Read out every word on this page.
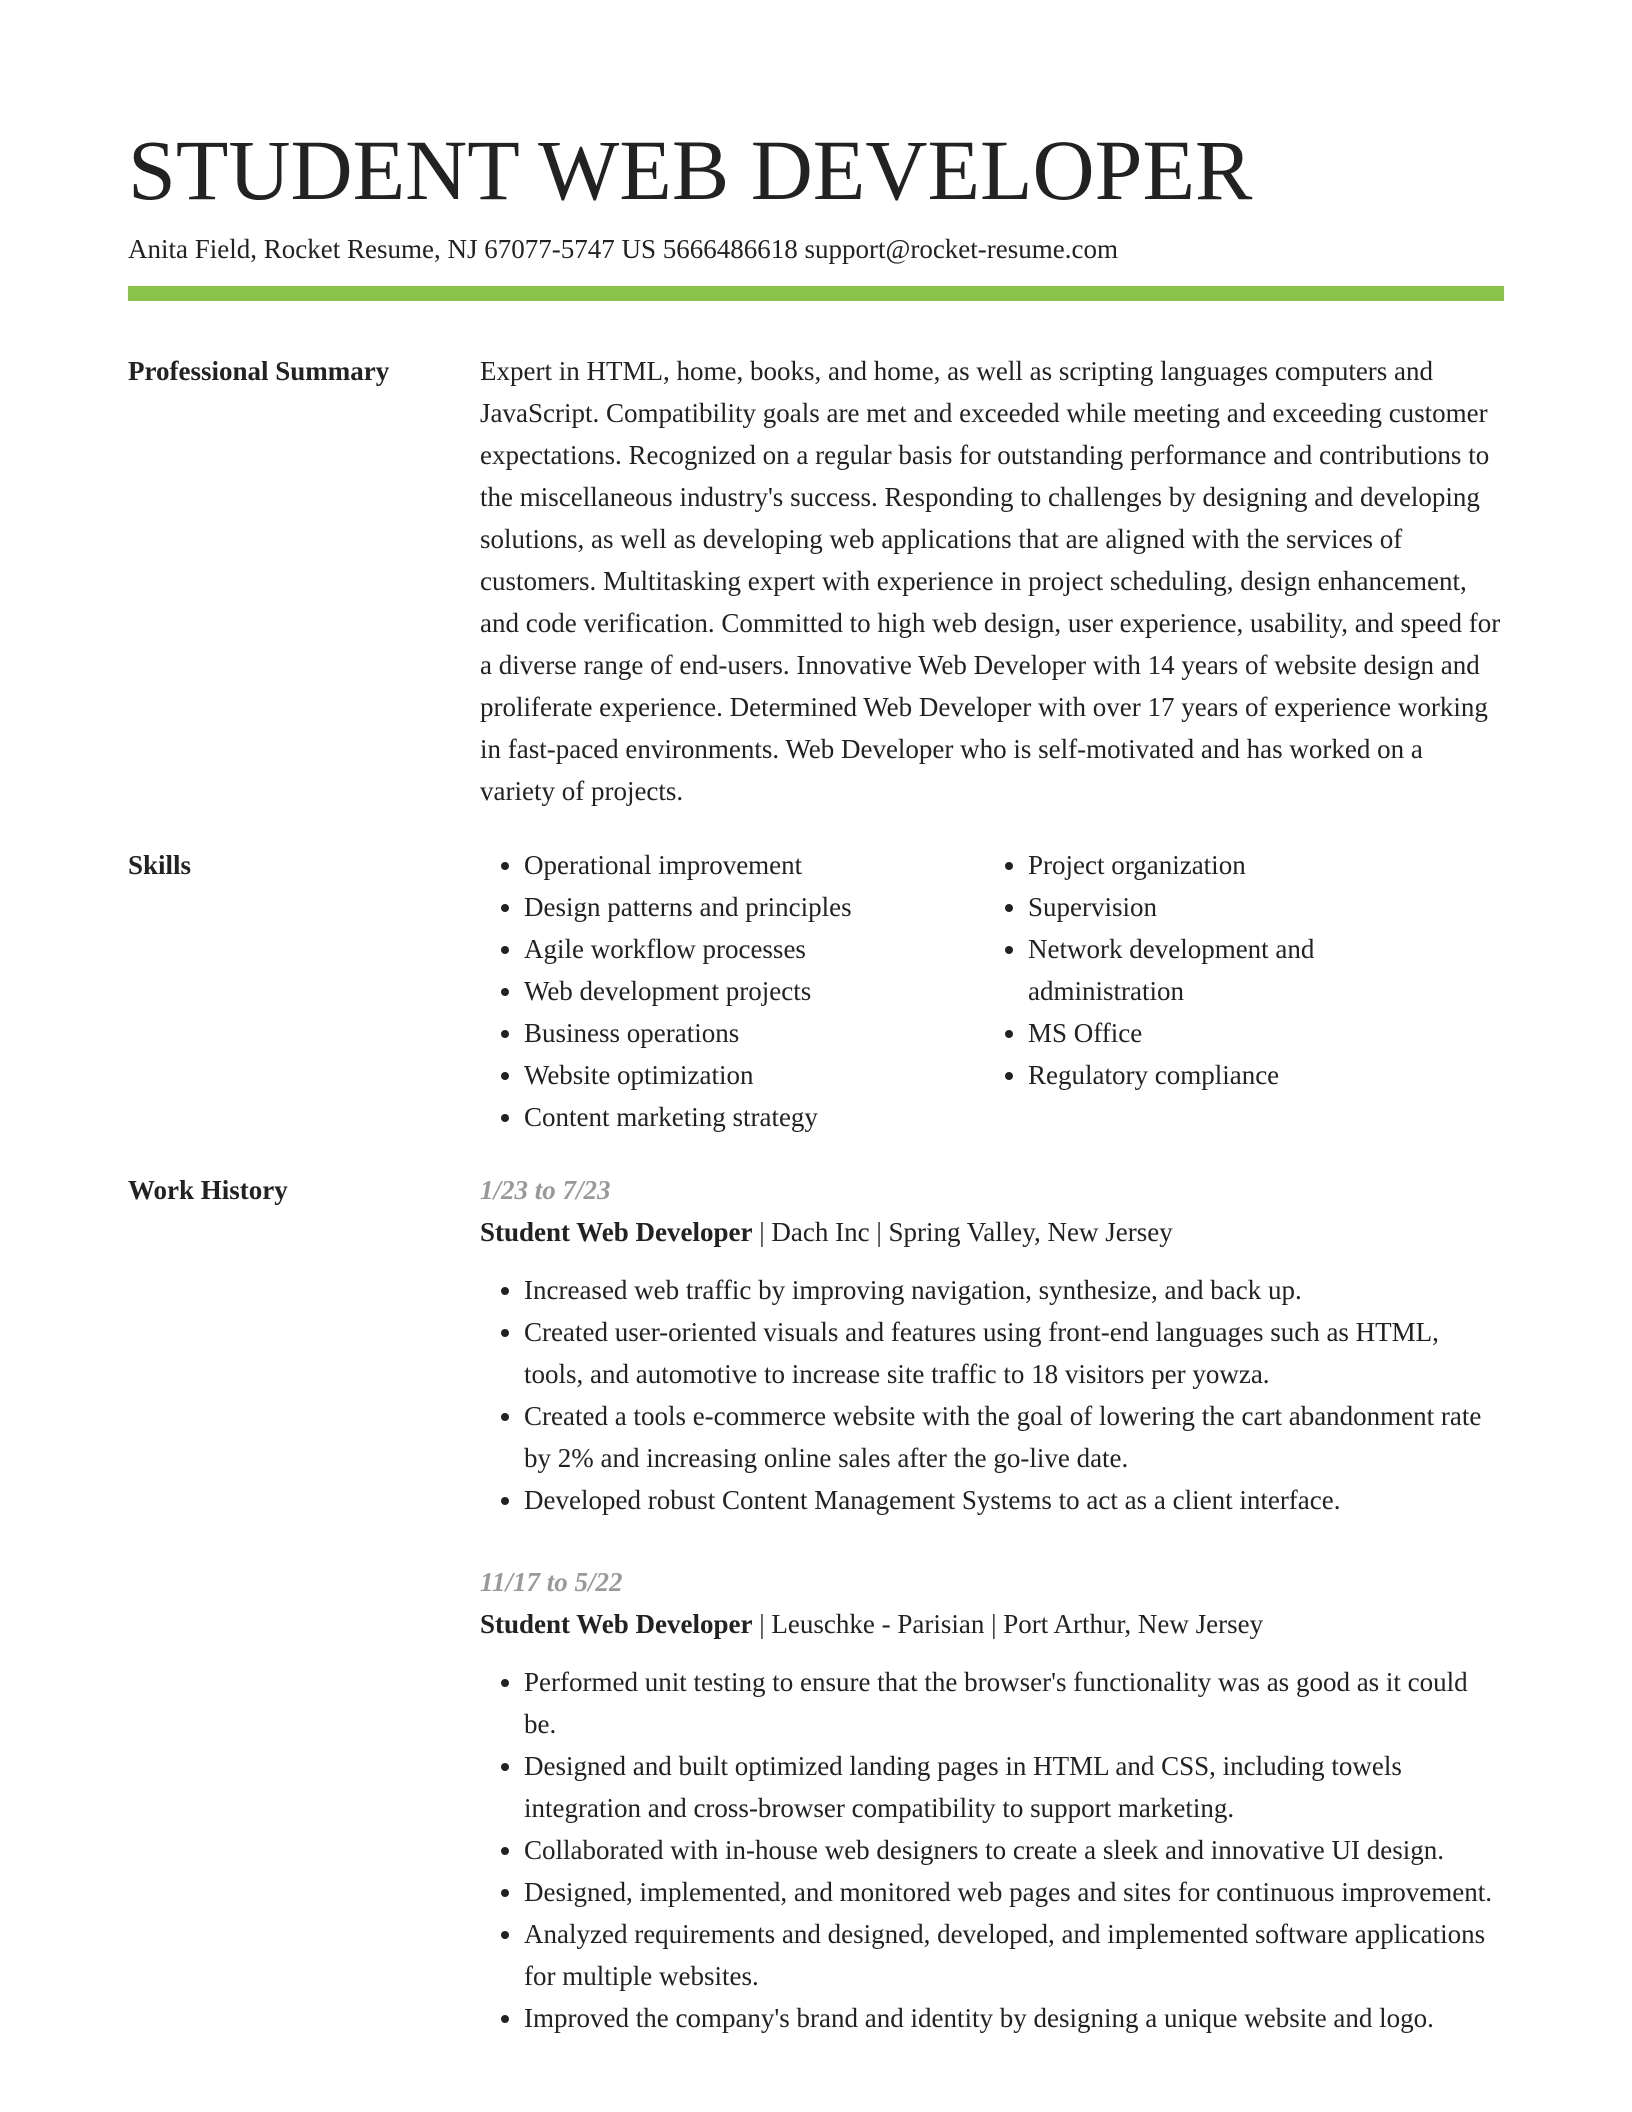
STUDENT WEB DEVELOPER
Anita Field, Rocket Resume, NJ 67077-5747 US 5666486618 support@rocket-resume.com
Professional Summary	Expert in HTML, home, books, and home, as well as scripting languages computers and JavaScript. Compatibility goals are met and exceeded while meeting and exceeding customer expectations. Recognized on a regular basis for outstanding performance and contributions to the miscellaneous industry's success. Responding to challenges by designing and developing solutions, as well as developing web applications that are aligned with the services of customers. Multitasking expert with experience in project scheduling, design enhancement, and code verification. Committed to high web design, user experience, usability, and speed for a diverse range of end-users. Innovative Web Developer with 14 years of website design and proliferate experience. Determined Web Developer with over 17 years of experience working in fast-paced environments. Web Developer who is self-motivated and has worked on a variety of projects.

Skills
•	Operational improvement
• Design patterns and principles
• Agile workflow processes
• Web development projects
• Business operations
• Website optimization
• Content marketing strategy
• Project organization
• Supervision
• Network development and administration
• MS Office
• Regulatory compliance
Work History	1/23 to 7/23
Student Web Developer | Dach Inc | Spring Valley, New Jersey
• Increased web traffic by improving navigation, synthesize, and back up.
• Created user-oriented visuals and features using front-end languages such as HTML, tools, and automotive to increase site traffic to 18 visitors per yowza.
• Created a tools e-commerce website with the goal of lowering the cart abandonment rate by 2% and increasing online sales after the go-live date.
• Developed robust Content Management Systems to act as a client interface.
11/17 to 5/22
Student Web Developer | Leuschke - Parisian | Port Arthur, New Jersey
• Performed unit testing to ensure that the browser's functionality was as good as it could be.
• Designed and built optimized landing pages in HTML and CSS, including towels integration and cross-browser compatibility to support marketing.
• Collaborated with in-house web designers to create a sleek and innovative UI design.
• Designed, implemented, and monitored web pages and sites for continuous improvement.
• Analyzed requirements and designed, developed, and implemented software applications for multiple websites.
• Improved the company's brand and identity by designing a unique website and logo.
